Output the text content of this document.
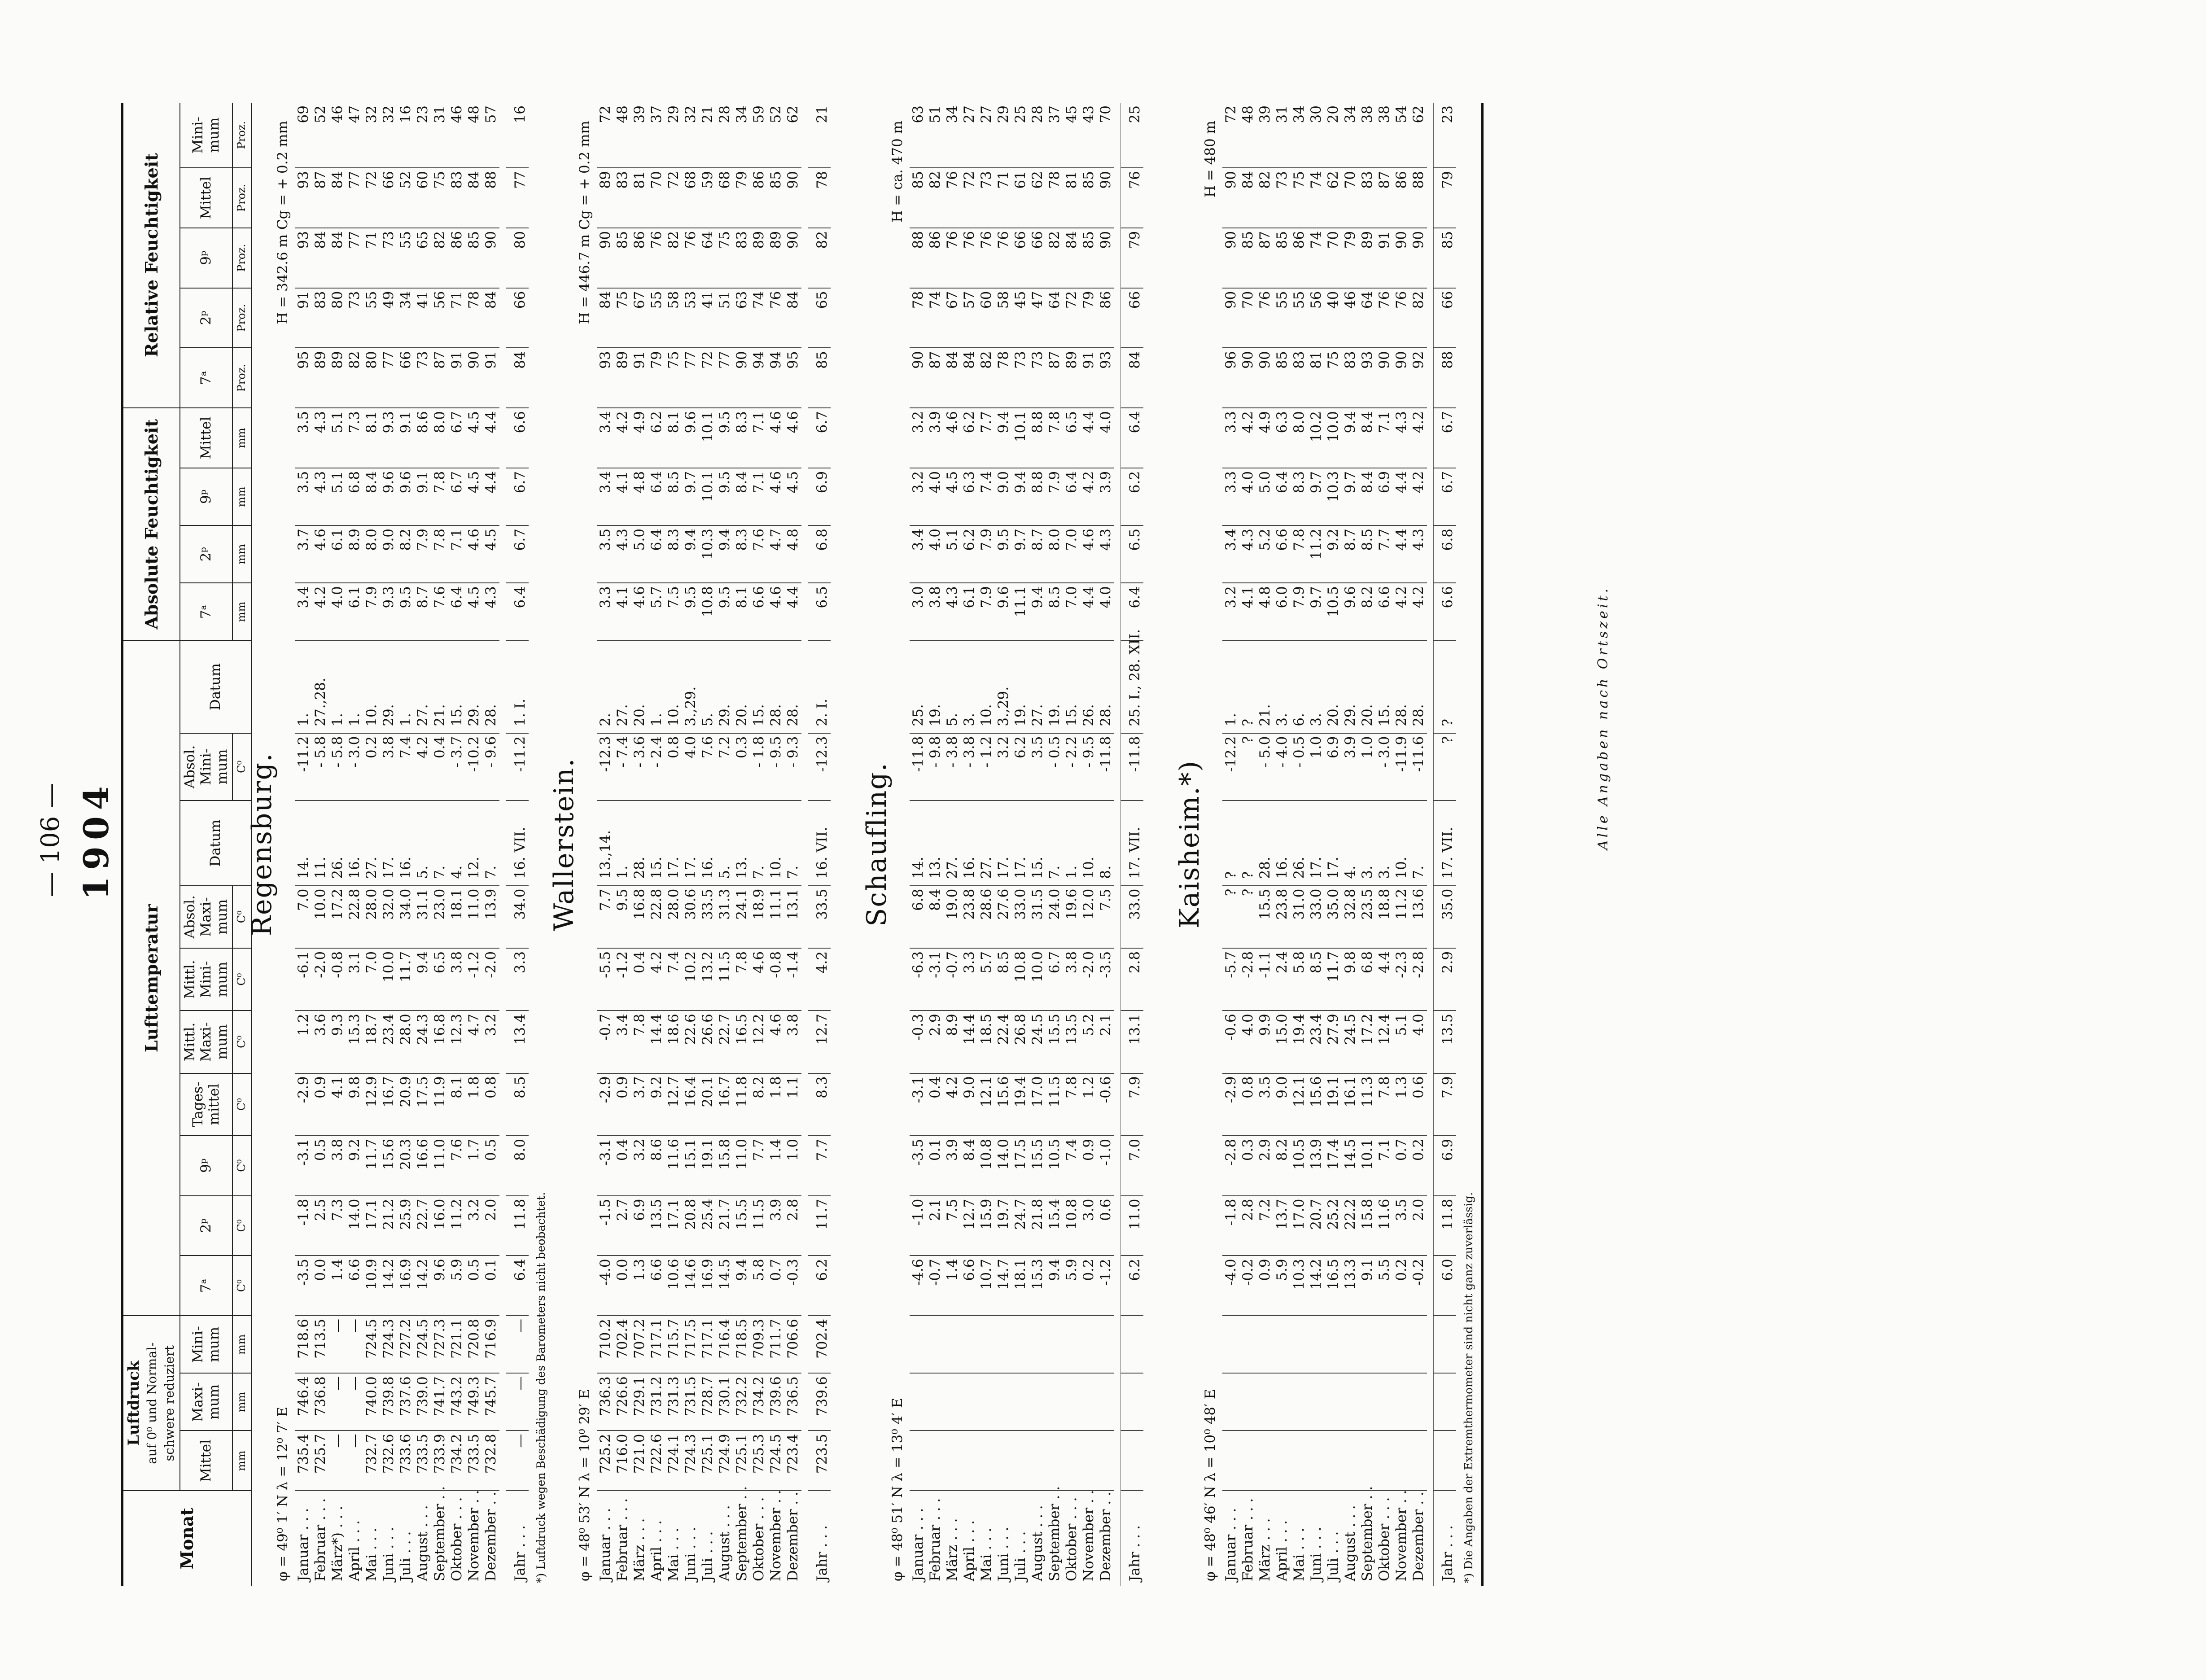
— 106 — 1904
Monat	Luftdruck auf 0⁰ und Normal-schwere reduziert			Lufttemperatur										Absolute Feuchtigkeit				Relative Feuchtigkeit				
	Mittel	Maxi-mum	Mini-mum	7ᵃ	2ᵖ	9ᵖ	Tages-mittel	Mittl. Maxi-mum	Mittl. Mini-mum	Absol. Maxi-mum	Datum	Absol. Mini-mum	Datum	7ᵃ	2ᵖ	9ᵖ	Mittel	7ᵃ	2ᵖ	9ᵖ	Mittel	Mini-mum
	mm	mm	mm	C⁰	C⁰	C⁰	C⁰	C⁰	C⁰	C⁰		C⁰		mm	mm	mm	mm	Proz.	Proz.	Proz.	Proz.	Proz.

Regensburg.
φ = 49⁰ 1′ N λ = 12⁰ 7′ E
H = 342.6 m Cg = + 0.2 mm																						

Januar . . .	735.4	746.4	718.6	-3.5	-1.8	-3.1	-2.9	1.2	-6.1	7.0	14.	-11.2	1.	3.4	3.7	3.5	3.5	95	91	93	93	69
Februar . . .	725.7	736.8	713.5	0.0	2.5	0.5	0.9	3.6	-2.0	10.0	11.	- 5.8	27.,28.	4.2	4.6	4.3	4.3	89	83	84	87	52
März*) . . .	—	—	—	1.4	7.3	3.8	4.1	9.3	-0.8	17.2	26.	- 5.8	1.	4.0	6.1	5.1	5.1	89	80	84	84	46
April . . .	—	—	—	6.6	14.0	9.2	9.8	15.3	3.1	22.8	16.	- 3.0	1.	6.1	8.9	6.8	7.3	82	73	77	77	47
Mai . . .	732.7	740.0	724.5	10.9	17.1	11.7	12.9	18.7	7.0	28.0	27.	0.2	10.	7.9	8.0	8.4	8.1	80	55	71	72	32
Juni . . .	732.6	739.8	724.3	14.2	21.2	15.6	16.7	23.4	10.0	32.0	17.	3.8	29.	9.3	9.0	9.6	9.3	77	49	73	66	32
Juli . . .	733.6	737.6	727.2	16.9	25.9	20.3	20.9	28.0	11.7	34.0	16.	7.4	1.	9.5	8.2	9.6	9.1	66	34	55	52	16
August . . .	733.5	739.0	724.5	14.2	22.7	16.6	17.5	24.3	9.4	31.1	5.	4.2	27.	8.7	7.9	9.1	8.6	73	41	65	60	23
September . .	733.9	741.7	727.3	9.6	16.0	11.0	11.9	16.8	6.5	23.0	7.	0.4	21.	7.6	7.8	7.8	8.0	87	56	82	75	31
Oktober . . .	734.2	743.2	721.1	5.9	11.2	7.6	8.1	12.3	3.8	18.1	4.	- 3.7	15.	6.4	7.1	6.7	6.7	91	71	86	83	46
November . .	733.5	749.3	720.8	0.5	3.2	1.7	1.8	4.7	-1.2	11.0	12.	-10.2	29.	4.5	4.6	4.5	4.5	90	78	85	84	48
Dezember . .	732.8	745.7	716.9	0.1	2.0	0.5	0.8	3.2	-2.0	13.9	7.	- 9.6	28.	4.3	4.5	4.4	4.4	91	84	90	88	57

Jahr . . .	—	—	—	6.4	11.8	8.0	8.5	13.4	3.3	34.0	16. VII.	-11.2	1. I.	6.4	6.7	6.7	6.6	84	66	80	77	16
*) Luftdruck wegen Beschädigung des Barometers nicht beobachtet.																						

Wallerstein.
φ = 48⁰ 53′ N λ = 10⁰ 29′ E
H = 446.7 m Cg = + 0.2 mm																						

Januar . . .	725.2	736.3	710.2	-4.0	-1.5	-3.1	-2.9	-0.7	-5.5	7.7	13.,14.	-12.3	2.	3.3	3.5	3.4	3.4	93	84	90	89	72
Februar . . .	716.0	726.6	702.4	0.0	2.7	0.4	0.9	3.4	-1.2	9.5	1.	- 7.4	27.	4.1	4.3	4.1	4.2	89	75	85	83	48
März . . .	721.0	729.1	707.2	1.3	6.9	3.2	3.7	7.8	0.4	16.8	28.	- 3.6	20.	4.6	5.0	4.8	4.9	91	67	86	81	39
April . . .	722.6	731.2	717.1	6.6	13.5	8.6	9.2	14.4	4.2	22.8	15.	- 2.4	1.	5.7	6.4	6.4	6.2	79	55	76	70	37
Mai . . .	724.1	731.3	715.7	10.6	17.1	11.6	12.7	18.6	7.4	28.0	17.	0.8	10.	7.5	8.3	8.5	8.1	75	58	82	72	29
Juni . . .	724.3	731.5	717.5	14.6	20.8	15.1	16.4	22.6	10.2	30.6	17.	4.0	3.,29.	9.5	9.4	9.7	9.6	77	53	76	68	32
Juli . . .	725.1	728.7	717.1	16.9	25.4	19.1	20.1	26.6	13.2	33.5	16.	7.6	5.	10.8	10.3	10.1	10.1	72	41	64	59	21
August . . .	724.9	730.1	716.4	14.5	21.7	15.8	16.7	22.7	11.5	31.3	5.	7.2	29.	9.5	9.4	9.5	9.5	77	51	75	68	28
September . .	725.1	732.2	718.5	9.4	15.5	11.0	11.8	16.5	7.8	24.1	13.	0.3	20.	8.1	8.3	8.4	8.3	90	63	83	79	34
Oktober . . .	725.3	734.2	709.3	5.8	11.5	7.7	8.2	12.2	4.6	18.9	7.	- 1.8	15.	6.6	7.6	7.1	7.1	94	74	89	86	59
November . .	724.5	739.6	711.7	0.7	3.9	1.4	1.8	4.6	-0.8	11.1	10.	- 9.5	28.	4.6	4.7	4.6	4.6	94	76	89	85	52
Dezember . .	723.4	736.5	706.6	-0.3	2.8	1.0	1.1	3.8	-1.4	13.1	7.	- 9.3	28.	4.4	4.8	4.5	4.6	95	84	90	90	62

Jahr . . .	723.5	739.6	702.4	6.2	11.7	7.7	8.3	12.7	4.2	33.5	16. VII.	-12.3	2. I.	6.5	6.8	6.9	6.7	85	65	82	78	21

Schaufling.
φ = 48⁰ 51′ N λ = 13⁰ 4′ E
H = ca. 470 m																						

Januar . . .				-4.6	-1.0	-3.5	-3.1	-0.3	-6.3	6.8	14.	-11.8	25.	3.0	3.4	3.2	3.2	90	78	88	85	63
Februar . . .				-0.7	2.1	0.1	0.4	2.9	-3.1	8.4	13.	- 9.8	19.	3.8	4.0	4.0	3.9	87	74	86	82	51
März . . .				1.4	7.5	3.9	4.2	8.9	-0.7	19.0	27.	- 3.8	5.	4.3	5.1	4.5	4.6	84	67	76	76	34
April . . .				6.6	12.7	8.4	9.0	14.4	3.3	23.8	16.	- 3.8	3.	6.1	6.2	6.3	6.2	84	57	76	72	27
Mai . . .				10.7	15.9	10.8	12.1	18.5	5.7	28.6	27.	- 1.2	10.	7.9	7.9	7.4	7.7	82	60	76	73	27
Juni . . .				14.7	19.7	14.0	15.6	22.4	8.5	27.6	17.	3.2	3.,29.	9.6	9.5	9.0	9.4	78	58	76	71	29
Juli . . .				18.1	24.7	17.5	19.4	26.8	10.8	33.0	17.	6.2	19.	11.1	9.7	9.4	10.1	73	45	66	61	25
August . . .				15.3	21.8	15.5	17.0	24.5	10.0	31.5	15.	3.5	27.	9.4	8.7	8.8	8.8	73	47	66	62	28
September . .				9.4	15.4	10.5	11.5	15.5	6.7	24.0	7.	- 0.5	19.	8.5	8.0	7.9	7.8	87	64	82	78	37
Oktober . . .				5.9	10.8	7.4	7.8	13.5	3.8	19.6	1.	- 2.2	15.	7.0	7.0	6.4	6.5	89	72	84	81	45
November . .				0.2	3.0	0.9	1.2	5.2	-2.0	12.0	10.	- 9.5	26.	4.4	4.6	4.2	4.4	91	79	85	85	43
Dezember . .				-1.2	0.6	-1.0	-0.6	2.1	-3.5	7.5	8.	-11.8	28.	4.0	4.3	3.9	4.0	93	86	90	90	70

Jahr . . .				6.2	11.0	7.0	7.9	13.1	2.8	33.0	17. VII.	-11.8	25. I., 28. XII.	6.4	6.5	6.2	6.4	84	66	79	76	25

Kaisheim.*)
φ = 48⁰ 46′ N λ = 10⁰ 48′ E
H = 480 m																						

Januar . . .				-4.0	-1.8	-2.8	-2.9	-0.6	-5.7	?	?	-12.2	1.	3.2	3.4	3.3	3.3	96	90	90	90	72
Februar . . .				-0.2	2.8	0.3	0.8	4.0	-2.8	?	?	?	?	4.1	4.3	4.0	4.2	90	70	85	84	48
März . . .				0.9	7.2	2.9	3.5	9.9	-1.1	15.5	28.	- 5.0	21.	4.8	5.2	5.0	4.9	90	76	87	82	39
April . . .				5.9	13.7	8.2	9.0	15.0	2.4	23.8	16.	- 4.0	3.	6.0	6.6	6.4	6.3	85	55	85	73	31
Mai . . .				10.3	17.0	10.5	12.1	19.4	5.8	31.0	26.	- 0.5	6.	7.9	7.8	8.3	8.0	83	55	86	75	34
Juni . . .				14.2	20.7	13.9	15.6	23.4	8.5	33.0	17.	1.0	3.	9.7	11.2	9.7	10.2	81	56	74	74	30
Juli . . .				16.5	25.2	17.4	19.1	27.9	11.7	35.0	17.	6.9	20.	10.5	9.2	10.3	10.0	75	40	70	62	20
August . . .				13.3	22.2	14.5	16.1	24.5	9.8	32.8	4.	3.9	29.	9.6	8.7	9.7	9.4	83	46	79	70	34
September . .				9.1	15.8	10.1	11.3	17.2	6.8	23.5	3.	1.0	20.	8.2	8.5	8.4	8.4	93	64	89	83	38
Oktober . . .				5.5	11.6	7.1	7.8	12.4	4.4	18.8	3.	- 3.0	15.	6.6	7.7	6.9	7.1	90	76	91	87	38
November . .				0.2	3.5	0.7	1.3	5.1	-2.3	11.2	10.	-11.9	28.	4.2	4.4	4.4	4.3	90	76	90	86	54
Dezember . .				-0.2	2.0	0.2	0.6	4.0	-2.8	13.6	7.	-11.6	28.	4.2	4.3	4.2	4.2	92	82	90	88	62

Jahr . . .				6.0	11.8	6.9	7.9	13.5	2.9	35.0	17. VII.	?	?	6.6	6.8	6.7	6.7	88	66	85	79	23
*) Die Angaben der Extremthermometer sind nicht ganz zuverlässig.																						
Alle Angaben nach Ortszeit.
